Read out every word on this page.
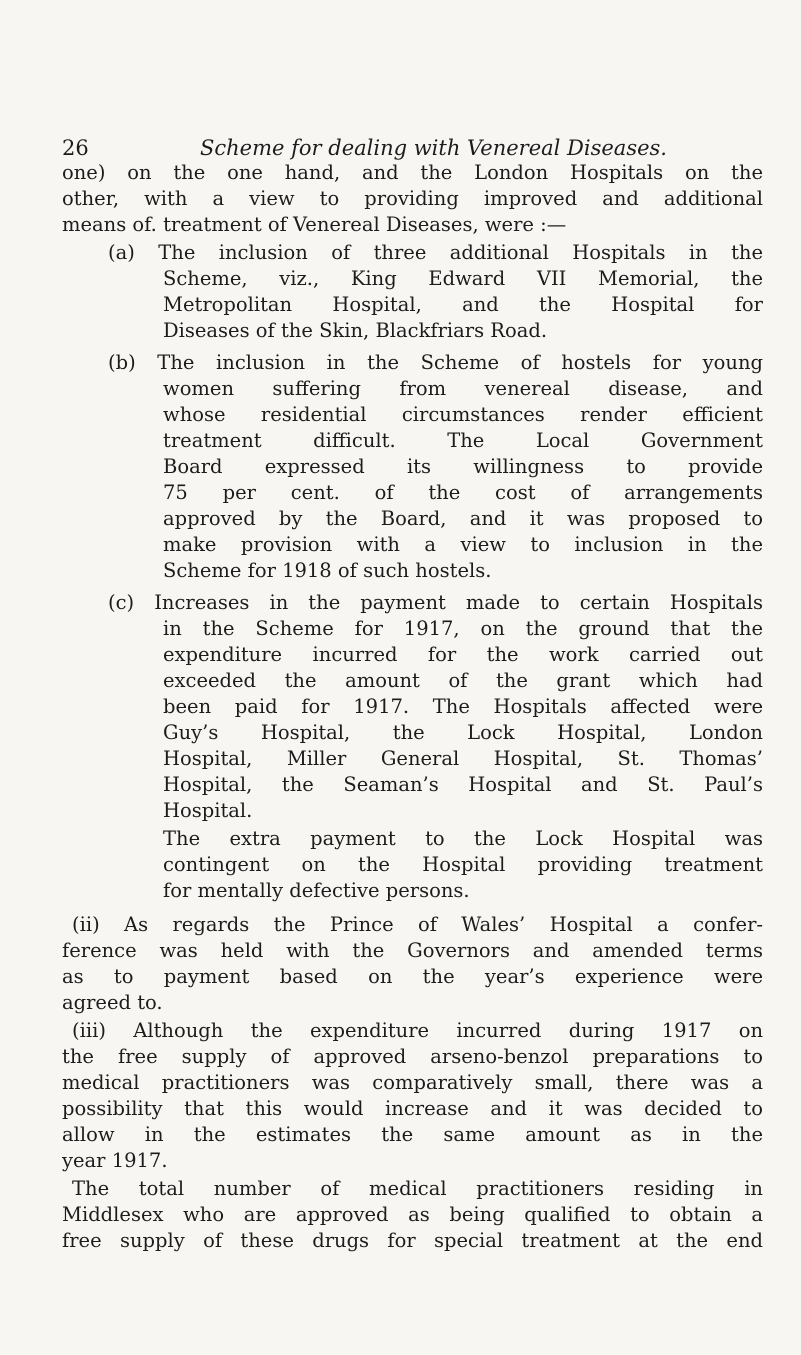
26	Scheme for dealing with Venereal Diseases.
one) on the one hand, and the London Hospitals on the
other, with a view to providing improved and additional
means of. treatment of Venereal Diseases, were :—
(a) The inclusion of three additional Hospitals in the
Scheme, viz., King Edward VII Memorial, the
Metropolitan Hospital, and the Hospital for
Diseases of the Skin, Blackfriars Road.
(b) The inclusion in the Scheme of hostels for young
women suffering from venereal disease, and
whose residential circumstances render efficient
treatment difficult. The Local Government
Board expressed its willingness to provide
75 per cent. of the cost of arrangements
approved by the Board, and it was proposed to
make provision with a view to inclusion in the
Scheme for 1918 of such hostels.
(c) Increases in the payment made to certain Hospitals
in the Scheme for 1917, on the ground that the
expenditure incurred for the work carried out
exceeded the amount of the grant which had
been paid for 1917. The Hospitals affected were
Guy’s Hospital, the Lock Hospital, London
Hospital, Miller General Hospital, St. Thomas’
Hospital, the Seaman’s Hospital and St. Paul’s
Hospital.
The extra payment to the Lock Hospital was
contingent on the Hospital providing treatment
for mentally defective persons.
(ii) As regards the Prince of Wales’ Hospital a confer-
ference was held with the Governors and amended terms
as to payment based on the year’s experience were
agreed to.
(iii) Although the expenditure incurred during 1917 on
the free supply of approved arseno-benzol preparations to
medical practitioners was comparatively small, there was a
possibility that this would increase and it was decided to
allow in the estimates the same amount as in the
year 1917.
The total number of medical practitioners residing in
Middlesex who are approved as being qualified to obtain a
free supply of these drugs for special treatment at the end
